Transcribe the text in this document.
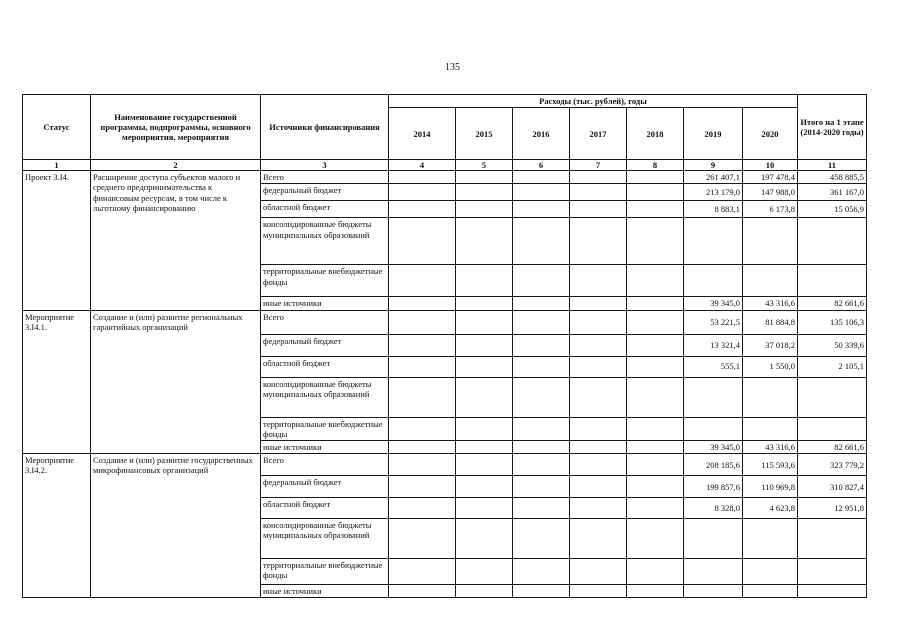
135
Статус	Наименование государственной программы, подпрограммы, основного мероприятия, мероприятия	Источники финансирования	Расходы (тыс. рублей), годы							Итого на 1 этапе (2014-2020 годы)
			2014	2015	2016	2017	2018	2019	2020	
1	2	3	4	5	6	7	8	9	10	11
Проект 3.I4.	Расширение доступа субъектов малого и среднего предпринимательства к финансовым ресурсам, в том числе к льготному финансированию	Всего						261 407,1	197 478,4	458 885,5
		федеральный бюджет						213 179,0	147 988,0	361 167,0
		областной бюджет						8 883,1	6 173,8	15 056,9
		консолидированные бюджеты муниципальных образований								
		территориальные внебюджетные фонды								
		иные источники						39 345,0	43 316,6	82 661,6
Мероприятие 3.I4.1.	Создание и (или) развитие региональных гарантийных организаций	Всего						53 221,5	81 884,8	135 106,3
		федеральный бюджет						13 321,4	37 018,2	50 339,6
		областной бюджет						555,1	1 550,0	2 105,1
		консолидированные бюджеты муниципальных образований								
		территориальные внебюджетные фонды								
		иные источники						39 345,0	43 316,6	82 661,6
Мероприятие 3.I4.2.	Создание и (или) развитие государственных микрофинансовых организаций	Всего						208 185,6	115 593,6	323 779,2
		федеральный бюджет						199 857,6	110 969,8	310 827,4
		областной бюджет						8 328,0	4 623,8	12 951,8
		консолидированные бюджеты муниципальных образований								
		территориальные внебюджетные фонды								
		иные источники								
